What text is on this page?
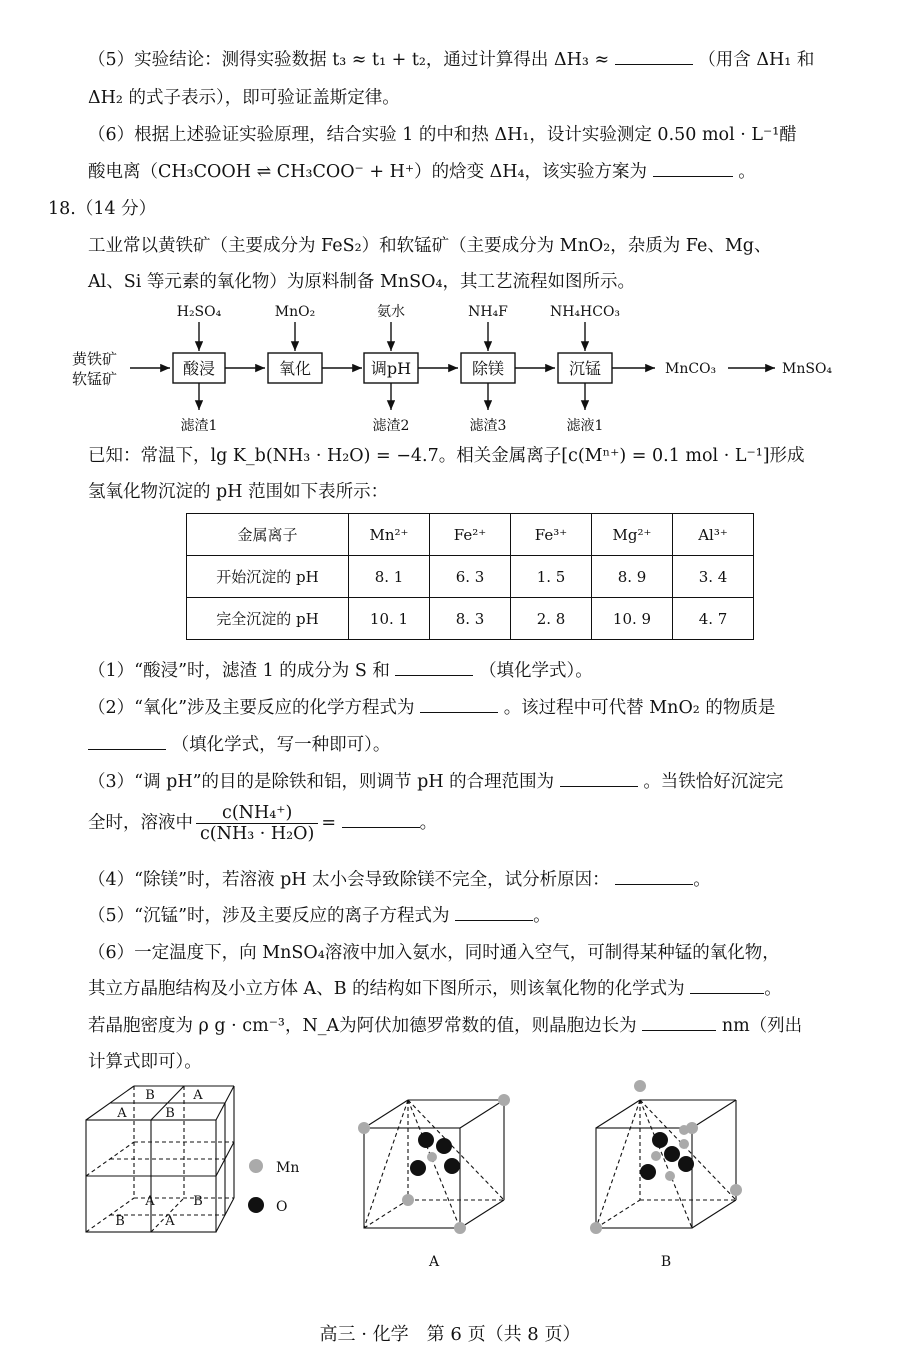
（5）实验结论：测得实验数据 t₃ ≈ t₁ + t₂，通过计算得出 ΔH₃ ≈	（用含 ΔH₁ 和
ΔH₂ 的式子表示），即可验证盖斯定律。
（6）根据上述验证实验原理，结合实验 1 的中和热 ΔH₁，设计实验测定 0.50 mol · L⁻¹醋
酸电离（CH₃COOH ⇌ CH₃COO⁻ + H⁺）的焓变 ΔH₄，该实验方案为	。
18.（14 分）
工业常以黄铁矿（主要成分为 FeS₂）和软锰矿（主要成分为 MnO₂，杂质为 Fe、Mg、
Al、Si 等元素的氧化物）为原料制备 MnSO₄，其工艺流程如图所示。
黄铁矿
软锰矿
酸浸	氧化	调pH	除镁	沉锰
H₂SO₄	MnO₂	氨水	NH₄F	NH₄HCO₃
滤渣1	滤渣2	滤渣3	滤液1
MnCO₃	MnSO₄
已知：常温下，lg K_b(NH₃ · H₂O) = −4.7。相关金属离子[c(Mⁿ⁺) = 0.1 mol · L⁻¹]形成
氢氧化物沉淀的 pH 范围如下表所示：
金属离子	Mn²⁺	Fe²⁺	Fe³⁺	Mg²⁺	Al³⁺
开始沉淀的 pH	8. 1	6. 3	1. 5	8. 9	3. 4
完全沉淀的 pH	10. 1	8. 3	2. 8	10. 9	4. 7
（1）“酸浸”时，滤渣 1 的成分为 S 和	（填化学式）。
（2）“氧化”涉及主要反应的化学方程式为	。该过程中可代替 MnO₂ 的物质是
（填化学式，写一种即可）。
（3）“调 pH”的目的是除铁和铝，则调节 pH 的合理范围为	。当铁恰好沉淀完
全时，溶液中 $\frac{\text{c(NH₄⁺)}}{\text{c(NH₃ · H₂O)}}$ =	。
（4）“除镁”时，若溶液 pH 太小会导致除镁不完全，试分析原因：	。
（5）“沉锰”时，涉及主要反应的离子方程式为	。
（6）一定温度下，向 MnSO₄溶液中加入氨水，同时通入空气，可制得某种锰的氧化物，
其立方晶胞结构及小立方体 A、B 的结构如下图所示，则该氧化物的化学式为	。
若晶胞密度为 ρ g · cm⁻³，N_A为阿伏加德罗常数的值，则晶胞边长为	nm（列出
计算式即可）。
B	A
A	B
B
A
B	A
Mn
O
A	B
高三 · 化学　第 6 页（共 8 页）
